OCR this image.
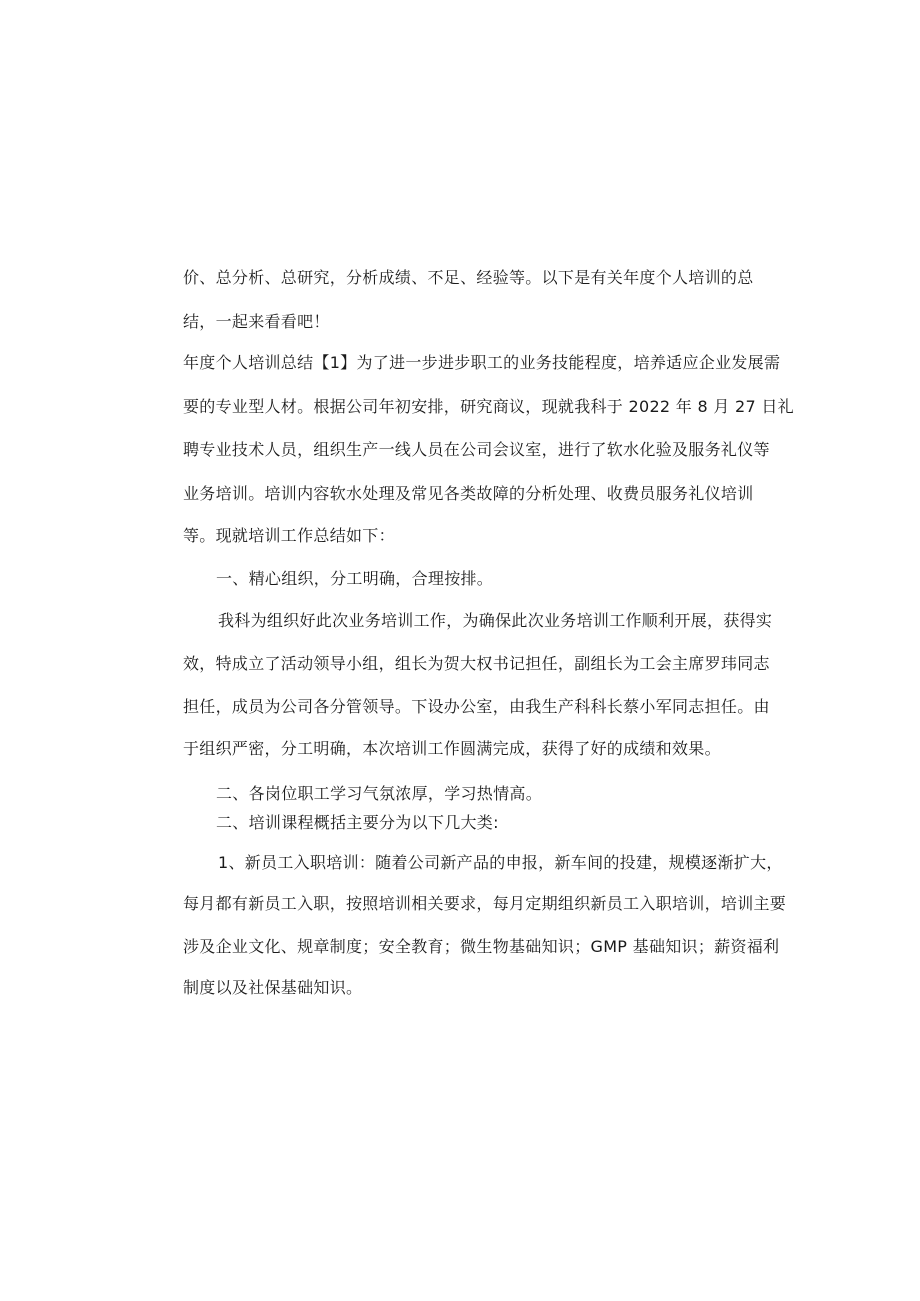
价、总分析、总研究，分析成绩、不足、经验等。以下是有关年度个人培训的总
结，一起来看看吧！
年度个人培训总结【1】为了进一步进步职工的业务技能程度，培养适应企业发展需
要的专业型人材。根据公司年初安排，研究商议，现就我科于 2022 年 8 月 27 日礼
聘专业技术人员，组织生产一线人员在公司会议室，进行了软水化验及服务礼仪等
业务培训。培训内容软水处理及常见各类故障的分析处理、收费员服务礼仪培训
等。现就培训工作总结如下：
一、精心组织，分工明确，合理按排。
我科为组织好此次业务培训工作，为确保此次业务培训工作顺利开展，获得实
效，特成立了活动领导小组，组长为贺大权书记担任，副组长为工会主席罗玮同志
担任，成员为公司各分管领导。下设办公室，由我生产科科长蔡小军同志担任。由
于组织严密，分工明确，本次培训工作圆满完成，获得了好的成绩和效果。
二、各岗位职工学习气氛浓厚，学习热情高。
二、培训课程概括主要分为以下几大类:
1、新员工入职培训：随着公司新产品的申报，新车间的投建，规模逐渐扩大，
每月都有新员工入职，按照培训相关要求，每月定期组织新员工入职培训，培训主要
涉及企业文化、规章制度；安全教育；微生物基础知识；GMP 基础知识；薪资福利
制度以及社保基础知识。
